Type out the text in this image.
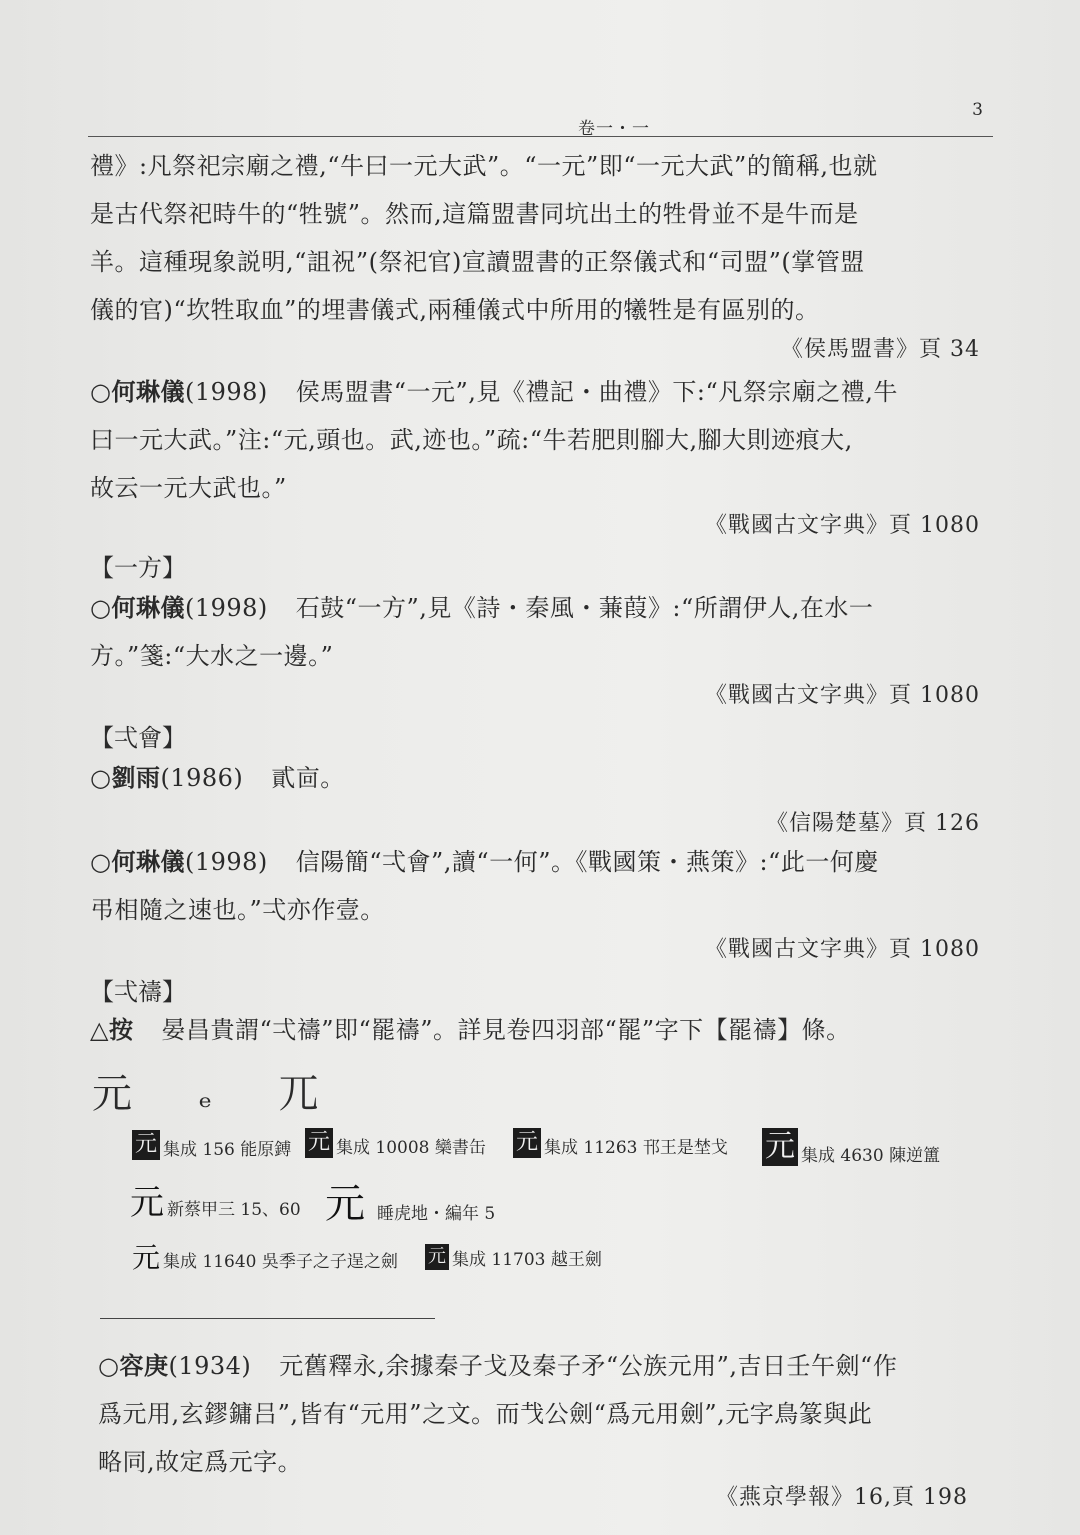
卷一・一
3
禮》:凡祭祀宗廟之禮,“牛曰一元大武”。“一元”即“一元大武”的簡稱,也就
是古代祭祀時牛的“牲號”。然而,這篇盟書同坑出土的牲骨並不是牛而是
羊。這種現象説明,“詛祝”(祭祀官)宣讀盟書的正祭儀式和“司盟”(掌管盟
儀的官)“坎牲取血”的埋書儀式,兩種儀式中所用的犧牲是有區别的。
《侯馬盟書》頁 34
○何琳儀(1998) 侯馬盟書“一元”,見《禮記・曲禮》下:“凡祭宗廟之禮,牛
曰一元大武。”注:“元,頭也。武,迹也。”疏:“牛若肥則腳大,腳大則迹痕大,
故云一元大武也。”
《戰國古文字典》頁 1080
【一方】
○何琳儀(1998) 石鼓“一方”,見《詩・秦風・蒹葭》:“所謂伊人,在水一
方。”箋:“大水之一邊。”
《戰國古文字典》頁 1080
【弌會】
○劉雨(1986) 貳㐭。
《信陽楚墓》頁 126
○何琳儀(1998) 信陽簡“弌會”,讀“一何”。《戰國策・燕策》:“此一何慶
弔相隨之速也。”弌亦作壹。
《戰國古文字典》頁 1080
【弌禱】
△按 晏昌貴謂“弌禱”即“罷禱”。詳見卷四羽部“罷”字下【罷禱】條。
元 ₑ 兀
元 集成 156 能原鎛 元 集成 10008 欒書缶 元 集成 11263 邗王是埜戈 元 集成 4630 陳逆簠
元 新蔡甲三 15、60 元 睡虎地・編年 5
元 集成 11640 吳季子之子逞之劍 元 集成 11703 越王劍
○容庚(1934) 元舊釋永,余據秦子戈及秦子矛“公族元用”,吉日壬午劍“作
爲元用,玄鏐鏞吕”,皆有“元用”之文。而𢦏公劍“爲元用劍”,元字鳥篆與此
略同,故定爲元字。
《燕京學報》16,頁 198
